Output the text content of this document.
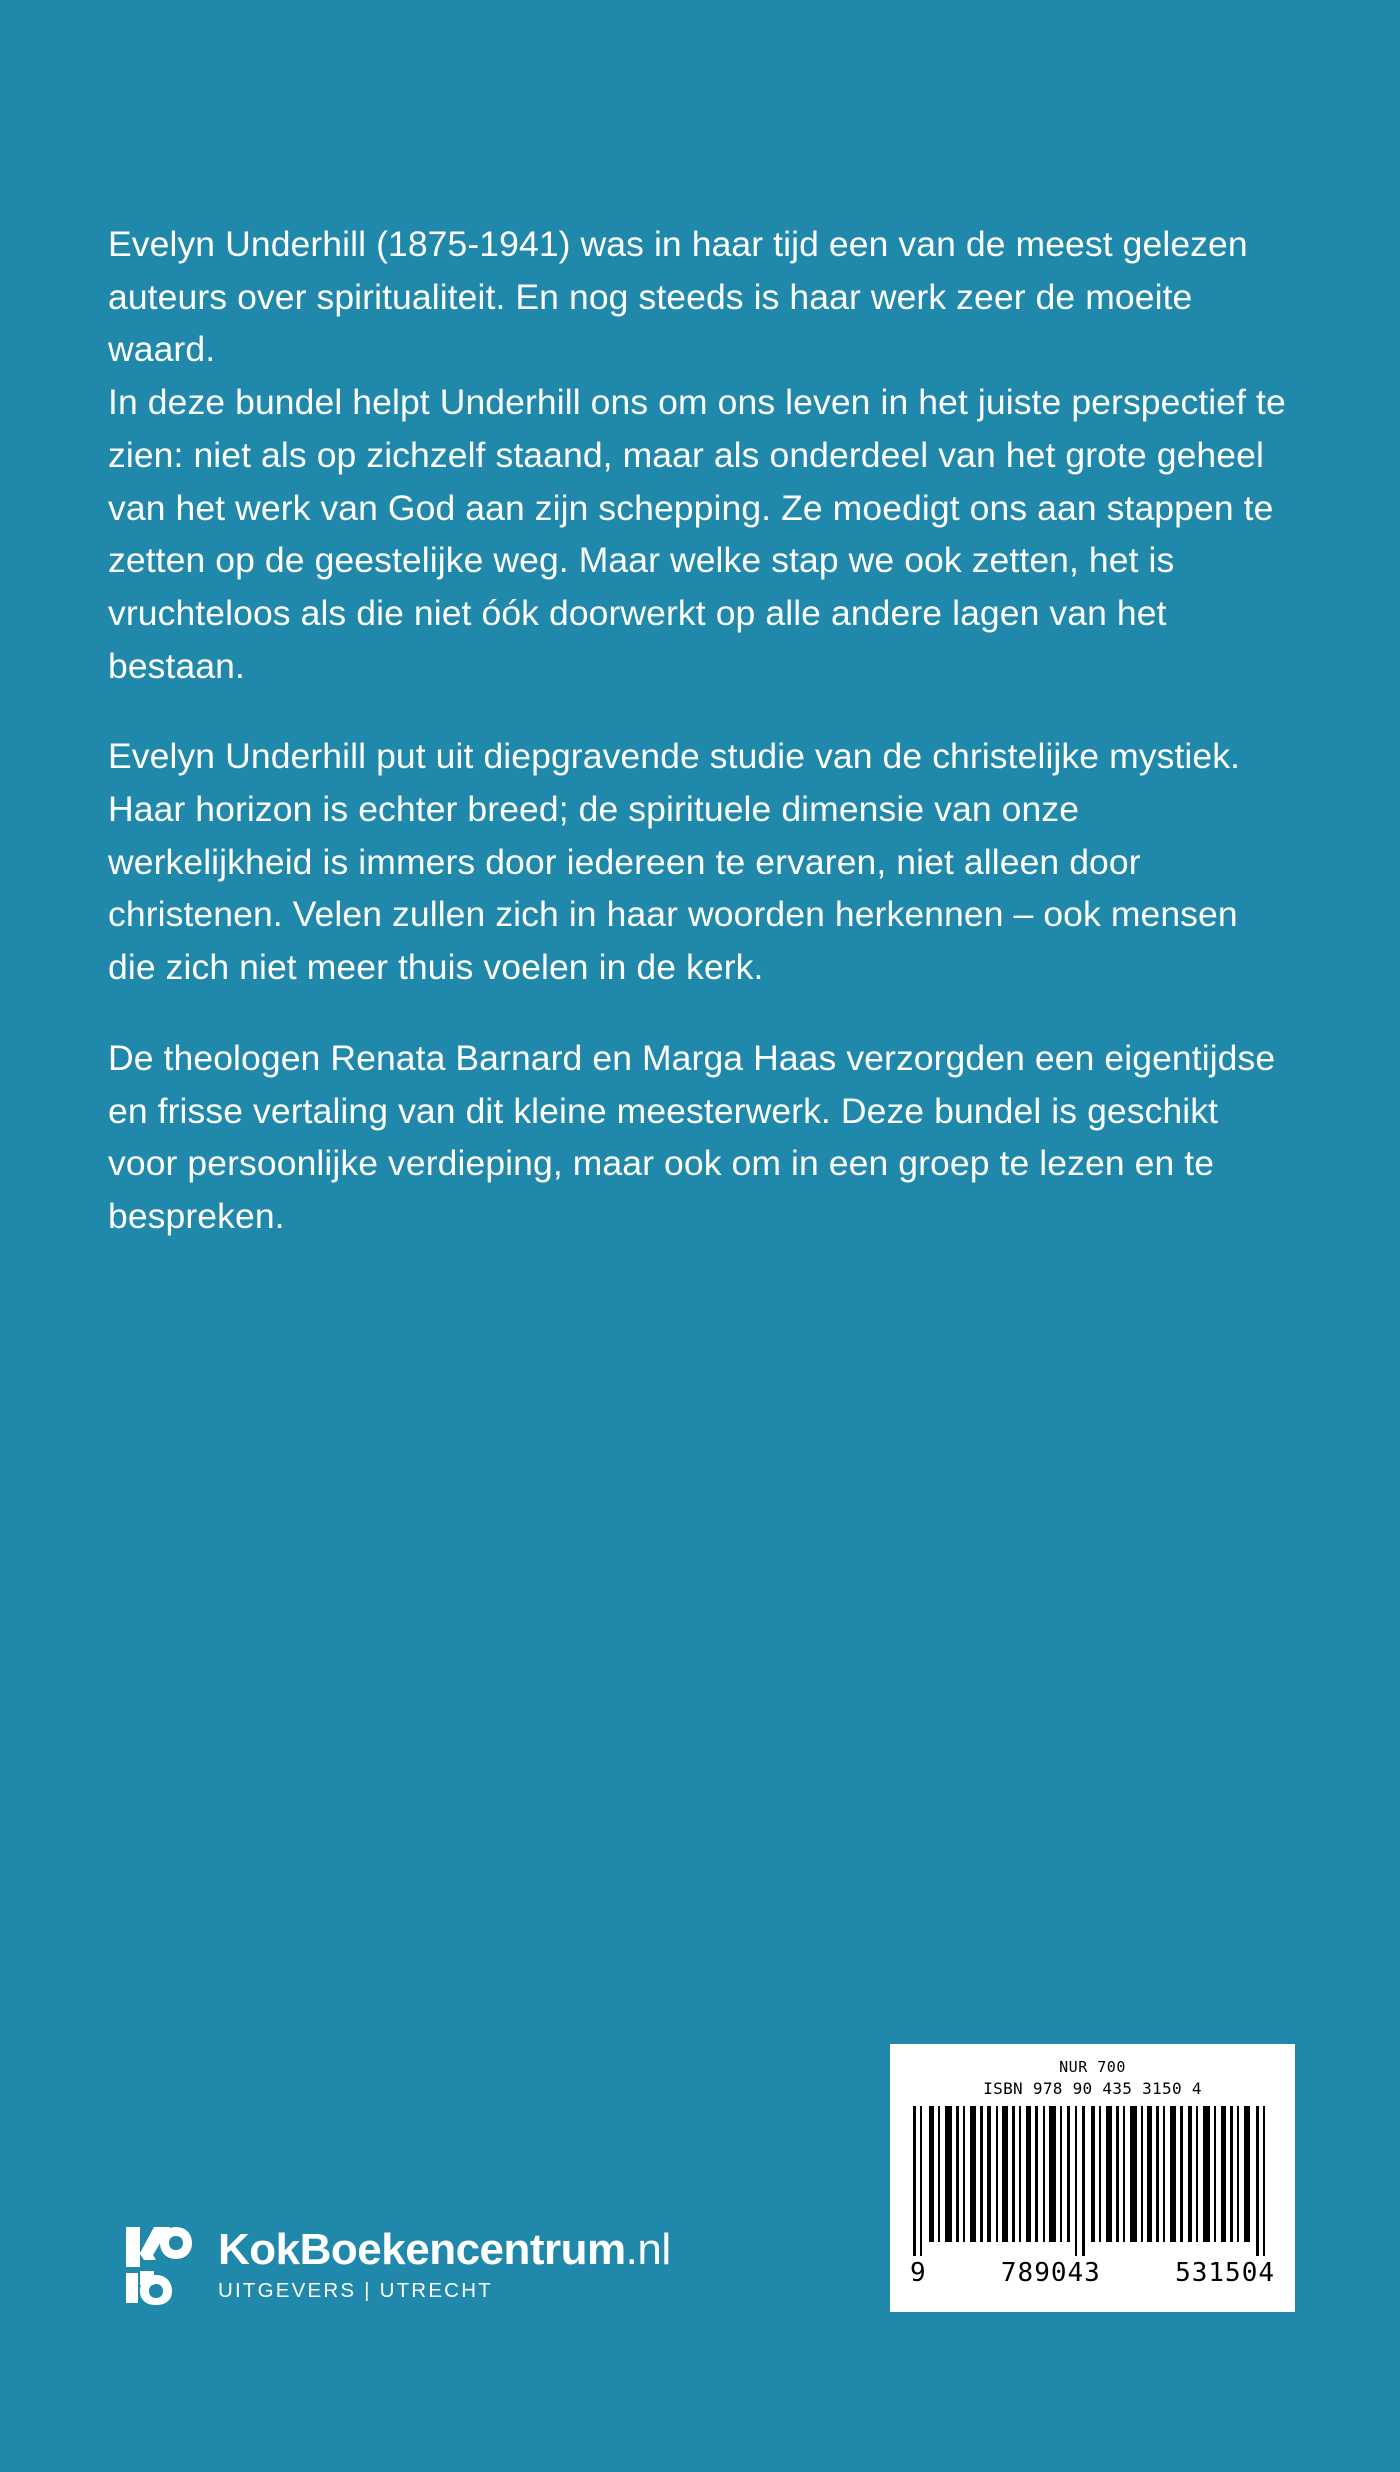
Evelyn Underhill (1875-1941) was in haar tijd een van de meest gelezen auteurs over spiritualiteit. En nog steeds is haar werk zeer de moeite waard.

In deze bundel helpt Underhill ons om ons leven in het juiste perspectief te zien: niet als op zichzelf staand, maar als onderdeel van het grote geheel van het werk van God aan zijn schepping. Ze moedigt ons aan stappen te zetten op de geestelijke weg. Maar welke stap we ook zetten, het is vruchteloos als die niet óók doorwerkt op alle andere lagen van het bestaan.

Evelyn Underhill put uit diepgravende studie van de christelijke mystiek. Haar horizon is echter breed; de spirituele dimensie van onze werkelijkheid is immers door iedereen te ervaren, niet alleen door christenen. Velen zullen zich in haar woorden herkennen – ook mensen die zich niet meer thuis voelen in de kerk.

De theologen Renata Barnard en Marga Haas verzorgden een eigentijdse en frisse vertaling van dit kleine meesterwerk. Deze bundel is geschikt voor persoonlijke verdieping, maar ook om in een groep te lezen en te bespreken.

KokBoekencentrum.nl
UITGEVERS | UTRECHT
NUR 700
ISBN 978 90 435 3150 4
9	789043	531504
